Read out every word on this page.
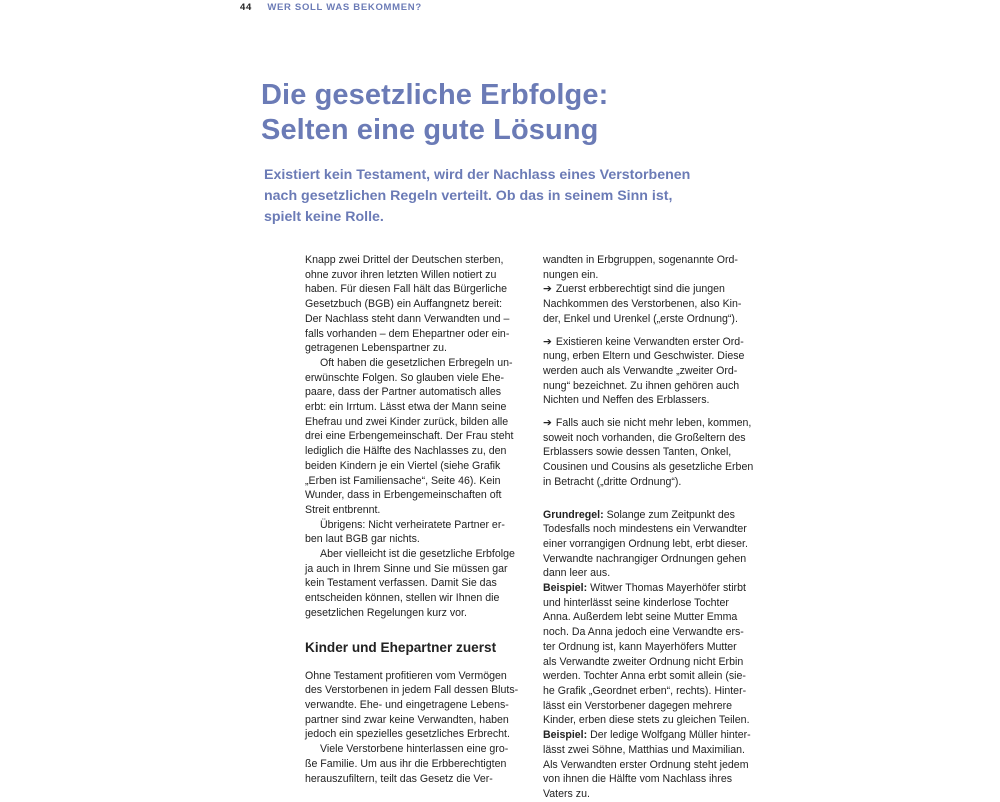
44 WER SOLL WAS BEKOMMEN?
Die gesetzliche Erbfolge:
Selten eine gute Lösung
Existiert kein Testament, wird der Nachlass eines Verstorbenen
nach gesetzlichen Regeln verteilt. Ob das in seinem Sinn ist,
spielt keine Rolle.
Knapp zwei Drittel der Deutschen sterben,
ohne zuvor ihren letzten Willen notiert zu
haben. Für diesen Fall hält das Bürgerliche
Gesetzbuch (BGB) ein Auffangnetz bereit:
Der Nachlass steht dann Verwandten und –
falls vorhanden – dem Ehepartner oder ein-
getragenen Lebenspartner zu.
Oft haben die gesetzlichen Erbregeln un-
erwünschte Folgen. So glauben viele Ehe-
paare, dass der Partner automatisch alles
erbt: ein Irrtum. Lässt etwa der Mann seine
Ehefrau und zwei Kinder zurück, bilden alle
drei eine Erbengemeinschaft. Der Frau steht
lediglich die Hälfte des Nachlasses zu, den
beiden Kindern je ein Viertel (siehe Grafik
„Erben ist Familiensache“, Seite 46). Kein
Wunder, dass in Erbengemeinschaften oft
Streit entbrennt.
Übrigens: Nicht verheiratete Partner er-
ben laut BGB gar nichts.
Aber vielleicht ist die gesetzliche Erbfolge
ja auch in Ihrem Sinne und Sie müssen gar
kein Testament verfassen. Damit Sie das
entscheiden können, stellen wir Ihnen die
gesetzlichen Regelungen kurz vor.
Kinder und Ehepartner zuerst
Ohne Testament profitieren vom Vermögen
des Verstorbenen in jedem Fall dessen Bluts-
verwandte. Ehe- und eingetragene Lebens-
partner sind zwar keine Verwandten, haben
jedoch ein spezielles gesetzliches Erbrecht.
Viele Verstorbene hinterlassen eine gro-
ße Familie. Um aus ihr die Erbberechtigten
herauszufiltern, teilt das Gesetz die Ver-
wandten in Erbgruppen, sogenannte Ord-
nungen ein.
➔ Zuerst erbberechtigt sind die jungen
Nachkommen des Verstorbenen, also Kin-
der, Enkel und Urenkel („erste Ordnung“).
➔ Existieren keine Verwandten erster Ord-
nung, erben Eltern und Geschwister. Diese
werden auch als Verwandte „zweiter Ord-
nung“ bezeichnet. Zu ihnen gehören auch
Nichten und Neffen des Erblassers.
➔ Falls auch sie nicht mehr leben, kommen,
soweit noch vorhanden, die Großeltern des
Erblassers sowie dessen Tanten, Onkel,
Cousinen und Cousins als gesetzliche Erben
in Betracht („dritte Ordnung“).
Grundregel: Solange zum Zeitpunkt des
Todesfalls noch mindestens ein Verwandter
einer vorrangigen Ordnung lebt, erbt dieser.
Verwandte nachrangiger Ordnungen gehen
dann leer aus.
Beispiel: Witwer Thomas Mayerhöfer stirbt
und hinterlässt seine kinderlose Tochter
Anna. Außerdem lebt seine Mutter Emma
noch. Da Anna jedoch eine Verwandte ers-
ter Ordnung ist, kann Mayerhöfers Mutter
als Verwandte zweiter Ordnung nicht Erbin
werden. Tochter Anna erbt somit allein (sie-
he Grafik „Geordnet erben“, rechts). Hinter-
lässt ein Verstorbener dagegen mehrere
Kinder, erben diese stets zu gleichen Teilen.
Beispiel: Der ledige Wolfgang Müller hinter-
lässt zwei Söhne, Matthias und Maximilian.
Als Verwandten erster Ordnung steht jedem
von ihnen die Hälfte vom Nachlass ihres
Vaters zu.
